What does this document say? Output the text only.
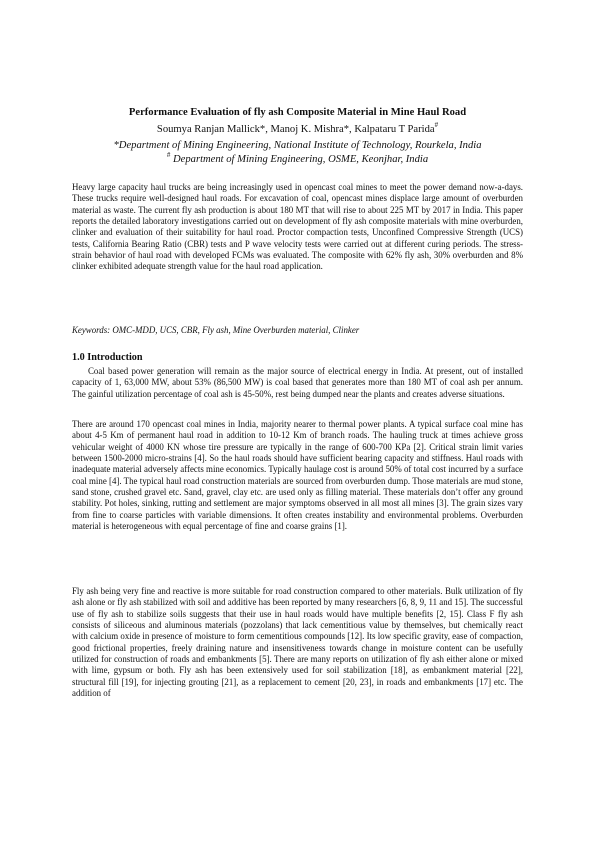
Performance Evaluation of fly ash Composite Material in Mine Haul Road
Soumya Ranjan Mallick*, Manoj K. Mishra*, Kalpataru T Parida#
*Department of Mining Engineering, National Institute of Technology, Rourkela, India
# Department of Mining Engineering, OSME, Keonjhar, India

Heavy large capacity haul trucks are being increasingly used in opencast coal mines to meet the power demand now-a-days. These trucks require well-designed haul roads. For excavation of coal, opencast mines displace large amount of overburden material as waste. The current fly ash production is about 180 MT that will rise to about 225 MT by 2017 in India. This paper reports the detailed laboratory investigations carried out on development of fly ash composite materials with mine overburden, clinker and evaluation of their suitability for haul road. Proctor compaction tests, Unconfined Compressive Strength (UCS) tests, California Bearing Ratio (CBR) tests and P wave velocity tests were carried out at different curing periods. The stress-strain behavior of haul road with developed FCMs was evaluated. The composite with 62% fly ash, 30% overburden and 8% clinker exhibited adequate strength value for the haul road application.

Keywords: OMC-MDD, UCS, CBR, Fly ash, Mine Overburden material, Clinker

1.0 Introduction

Coal based power generation will remain as the major source of electrical energy in India. At present, out of installed capacity of 1, 63,000 MW, about 53% (86,500 MW) is coal based that generates more than 180 MT of coal ash per annum. The gainful utilization percentage of coal ash is 45-50%, rest being dumped near the plants and creates adverse situations.

There are around 170 opencast coal mines in India, majority nearer to thermal power plants. A typical surface coal mine has about 4-5 Km of permanent haul road in addition to 10-12 Km of branch roads. The hauling truck at times achieve gross vehicular weight of 4000 KN whose tire pressure are typically in the range of 600-700 KPa [2]. Critical strain limit varies between 1500-2000 micro-strains [4]. So the haul roads should have sufficient bearing capacity and stiffness. Haul roads with inadequate material adversely affects mine economics. Typically haulage cost is around 50% of total cost incurred by a surface coal mine [4]. The typical haul road construction materials are sourced from overburden dump. Those materials are mud stone, sand stone, crushed gravel etc. Sand, gravel, clay etc. are used only as filling material. These materials don’t offer any ground stability. Pot holes, sinking, rutting and settlement are major symptoms observed in all most all mines [3]. The grain sizes vary from fine to coarse particles with variable dimensions. It often creates instability and environmental problems. Overburden material is heterogeneous with equal percentage of fine and coarse grains [1].

Fly ash being very fine and reactive is more suitable for road construction compared to other materials. Bulk utilization of fly ash alone or fly ash stabilized with soil and additive has been reported by many researchers [6, 8, 9, 11 and 15]. The successful use of fly ash to stabilize soils suggests that their use in haul roads would have multiple benefits [2, 15]. Class F fly ash consists of siliceous and aluminous materials (pozzolans) that lack cementitious value by themselves, but chemically react with calcium oxide in presence of moisture to form cementitious compounds [12]. Its low specific gravity, ease of compaction, good frictional properties, freely draining nature and insensitiveness towards change in moisture content can be usefully utilized for construction of roads and embankments [5]. There are many reports on utilization of fly ash either alone or mixed with lime, gypsum or both. Fly ash has been extensively used for soil stabilization [18], as embankment material [22], structural fill [19], for injecting grouting [21], as a replacement to cement [20, 23], in roads and embankments [17] etc. The addition of
